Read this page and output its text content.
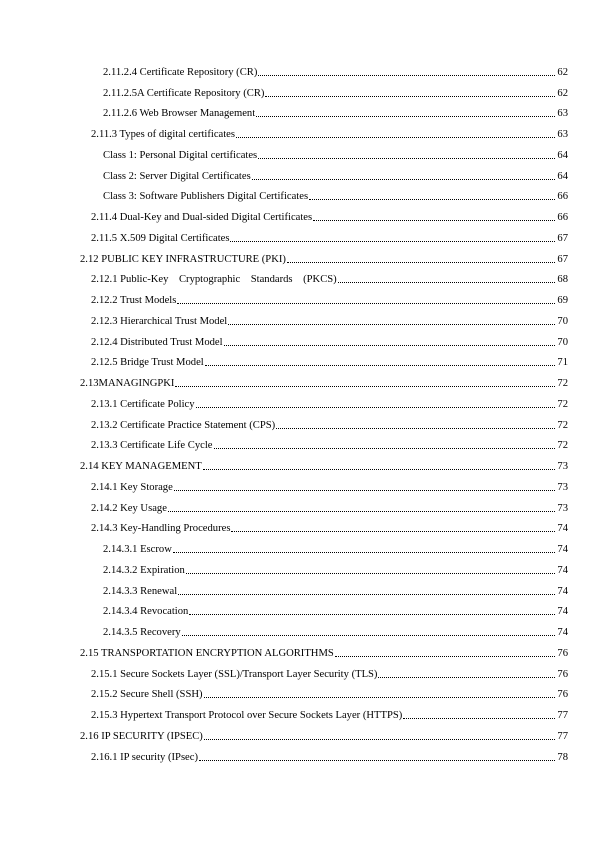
2.11.2.4 Certificate Repository (CR)	62
2.11.2.5A Certificate Repository (CR)	62
2.11.2.6 Web Browser Management	63
2.11.3 Types of digital certificates	63
Class 1: Personal Digital certificates	64
Class 2: Server Digital Certificates	64
Class 3: Software Publishers Digital Certificates	66
2.11.4 Dual-Key and Dual-sided Digital Certificates	66
2.11.5 X.509 Digital Certificates	67
2.12 PUBLIC KEY INFRASTRUCTURE (PKI)	67
2.12.1 Public-Key    Cryptographic    Standards    (PKCS)	68
2.12.2 Trust Models	69
2.12.3 Hierarchical Trust Model	70
2.12.4 Distributed Trust Model	70
2.12.5 Bridge Trust Model	71
2.13MANAGINGPKI	72
2.13.1 Certificate Policy	72
2.13.2 Certificate Practice Statement (CPS)	72
2.13.3 Certificate Life Cycle	72
2.14 KEY MANAGEMENT	73
2.14.1 Key Storage	73
2.14.2 Key Usage	73
2.14.3 Key-Handling Procedures	74
2.14.3.1 Escrow	74
2.14.3.2 Expiration	74
2.14.3.3 Renewal	74
2.14.3.4 Revocation	74
2.14.3.5 Recovery	74
2.15 TRANSPORTATION ENCRYPTION ALGORITHMS	76
2.15.1 Secure Sockets Layer (SSL)/Transport Layer Security (TLS)	76
2.15.2 Secure Shell (SSH)	76
2.15.3 Hypertext Transport Protocol over Secure Sockets Layer (HTTPS)	77
2.16 IP SECURITY (IPSEC)	77
2.16.1 IP security (IPsec)	78
